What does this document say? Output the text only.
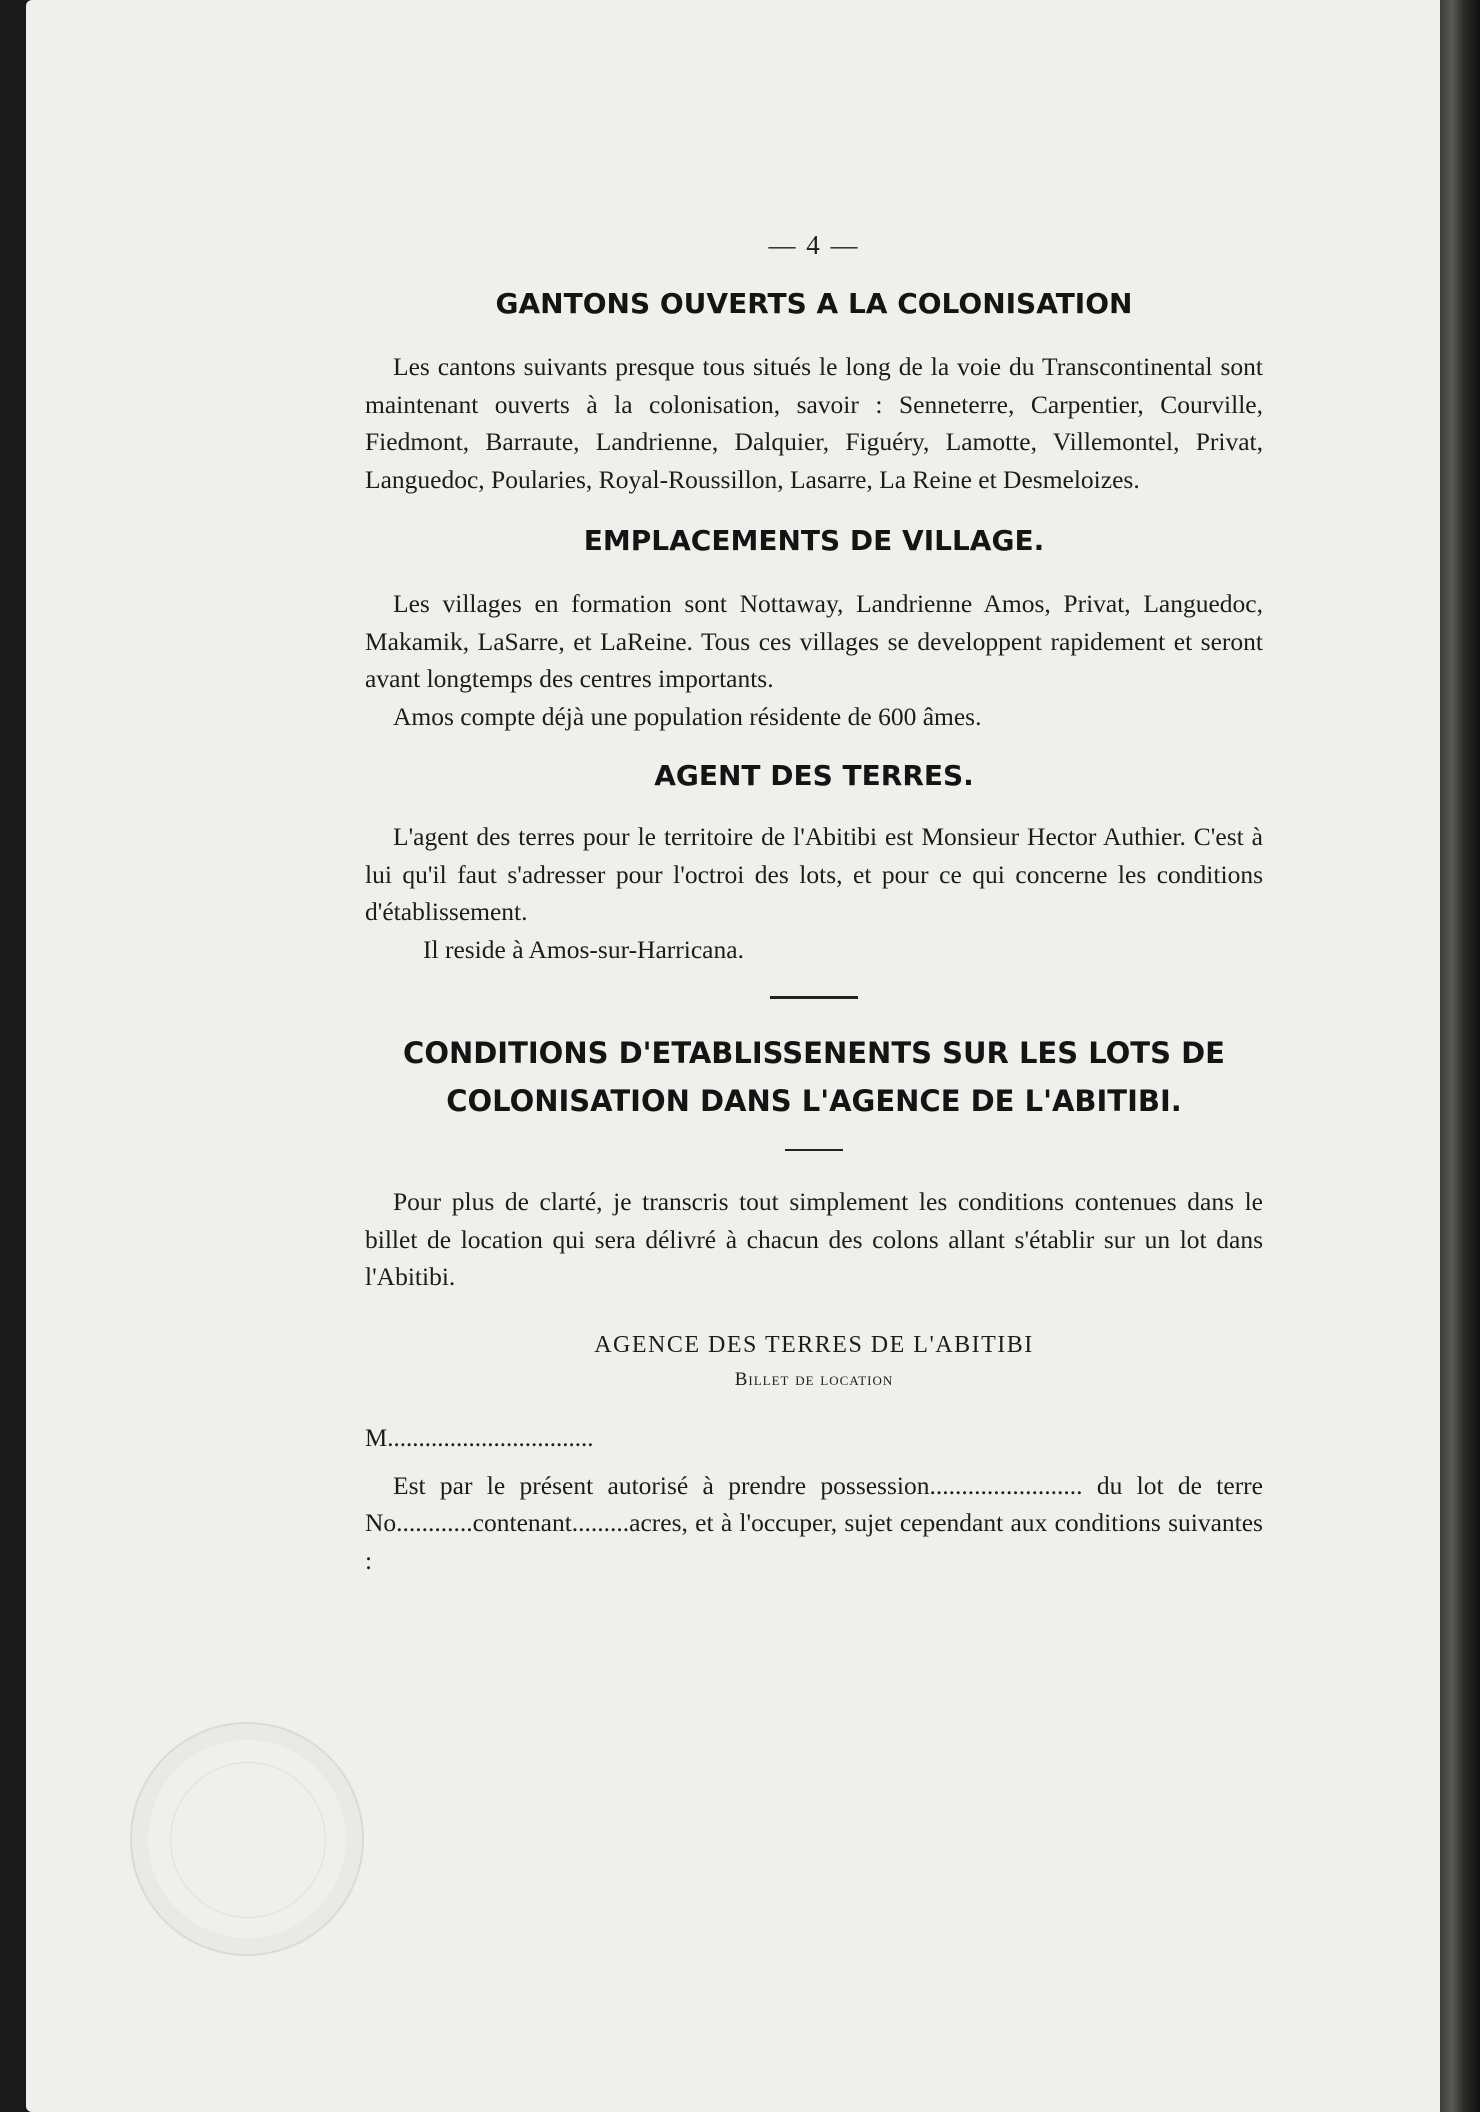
— 4 —
GANTONS OUVERTS A LA COLONISATION

Les cantons suivants presque tous situés le long de la voie du Transcontinental sont maintenant ouverts à la colonisation, savoir : Senneterre, Carpentier, Courville, Fiedmont, Barraute, Landrienne, Dalquier, Figuéry, Lamotte, Villemontel, Privat, Languedoc, Poularies, Royal-Roussillon, Lasarre, La Reine et Desmeloizes.

EMPLACEMENTS DE VILLAGE.

Les villages en formation sont Nottaway, Landrienne Amos, Privat, Languedoc, Makamik, LaSarre, et LaReine. Tous ces villages se developpent rapidement et seront avant longtemps des centres importants.

Amos compte déjà une population résidente de 600 âmes.

AGENT DES TERRES.

L'agent des terres pour le territoire de l'Abitibi est Monsieur Hector Authier. C'est à lui qu'il faut s'adresser pour l'octroi des lots, et pour ce qui concerne les conditions d'établissement.

Il reside à Amos-sur-Harricana.

CONDITIONS D'ETABLISSENENTS SUR LES LOTS DE
COLONISATION DANS L'AGENCE DE L'ABITIBI.

Pour plus de clarté, je transcris tout simplement les conditions contenues dans le billet de location qui sera délivré à chacun des colons allant s'établir sur un lot dans l'Abitibi.

AGENCE DES TERRES DE L'ABITIBI
Billet de location
M.................................

Est par le présent autorisé à prendre possession........................ du lot de terre No............contenant.........acres, et à l'occuper, sujet cependant aux conditions suivantes :
